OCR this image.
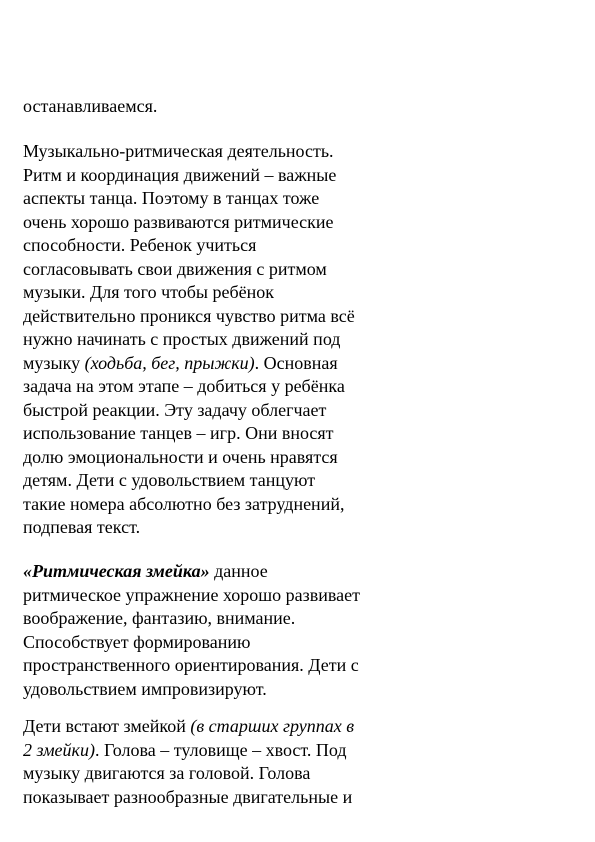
останавливаемся.
Музыкально-ритмическая деятельность.
Ритм и координация движений – важные
аспекты танца. Поэтому в танцах тоже
очень хорошо развиваются ритмические
способности. Ребенок учиться
согласовывать свои движения с ритмом
музыки. Для того чтобы ребёнок
действительно проникся чувство ритма всё
нужно начинать с простых движений под
музыку (ходьба, бег, прыжки). Основная
задача на этом этапе – добиться у ребёнка
быстрой реакции. Эту задачу облегчает
использование танцев – игр. Они вносят
долю эмоциональности и очень нравятся
детям. Дети с удовольствием танцуют
такие номера абсолютно без затруднений,
подпевая текст.
«Ритмическая змейка» данное
ритмическое упражнение хорошо развивает
воображение, фантазию, внимание.
Способствует формированию
пространственного ориентирования. Дети с
удовольствием импровизируют.
Дети встают змейкой (в старших группах в
2 змейки). Голова – туловище – хвост. Под
музыку двигаются за головой. Голова
показывает разнообразные двигательные и
